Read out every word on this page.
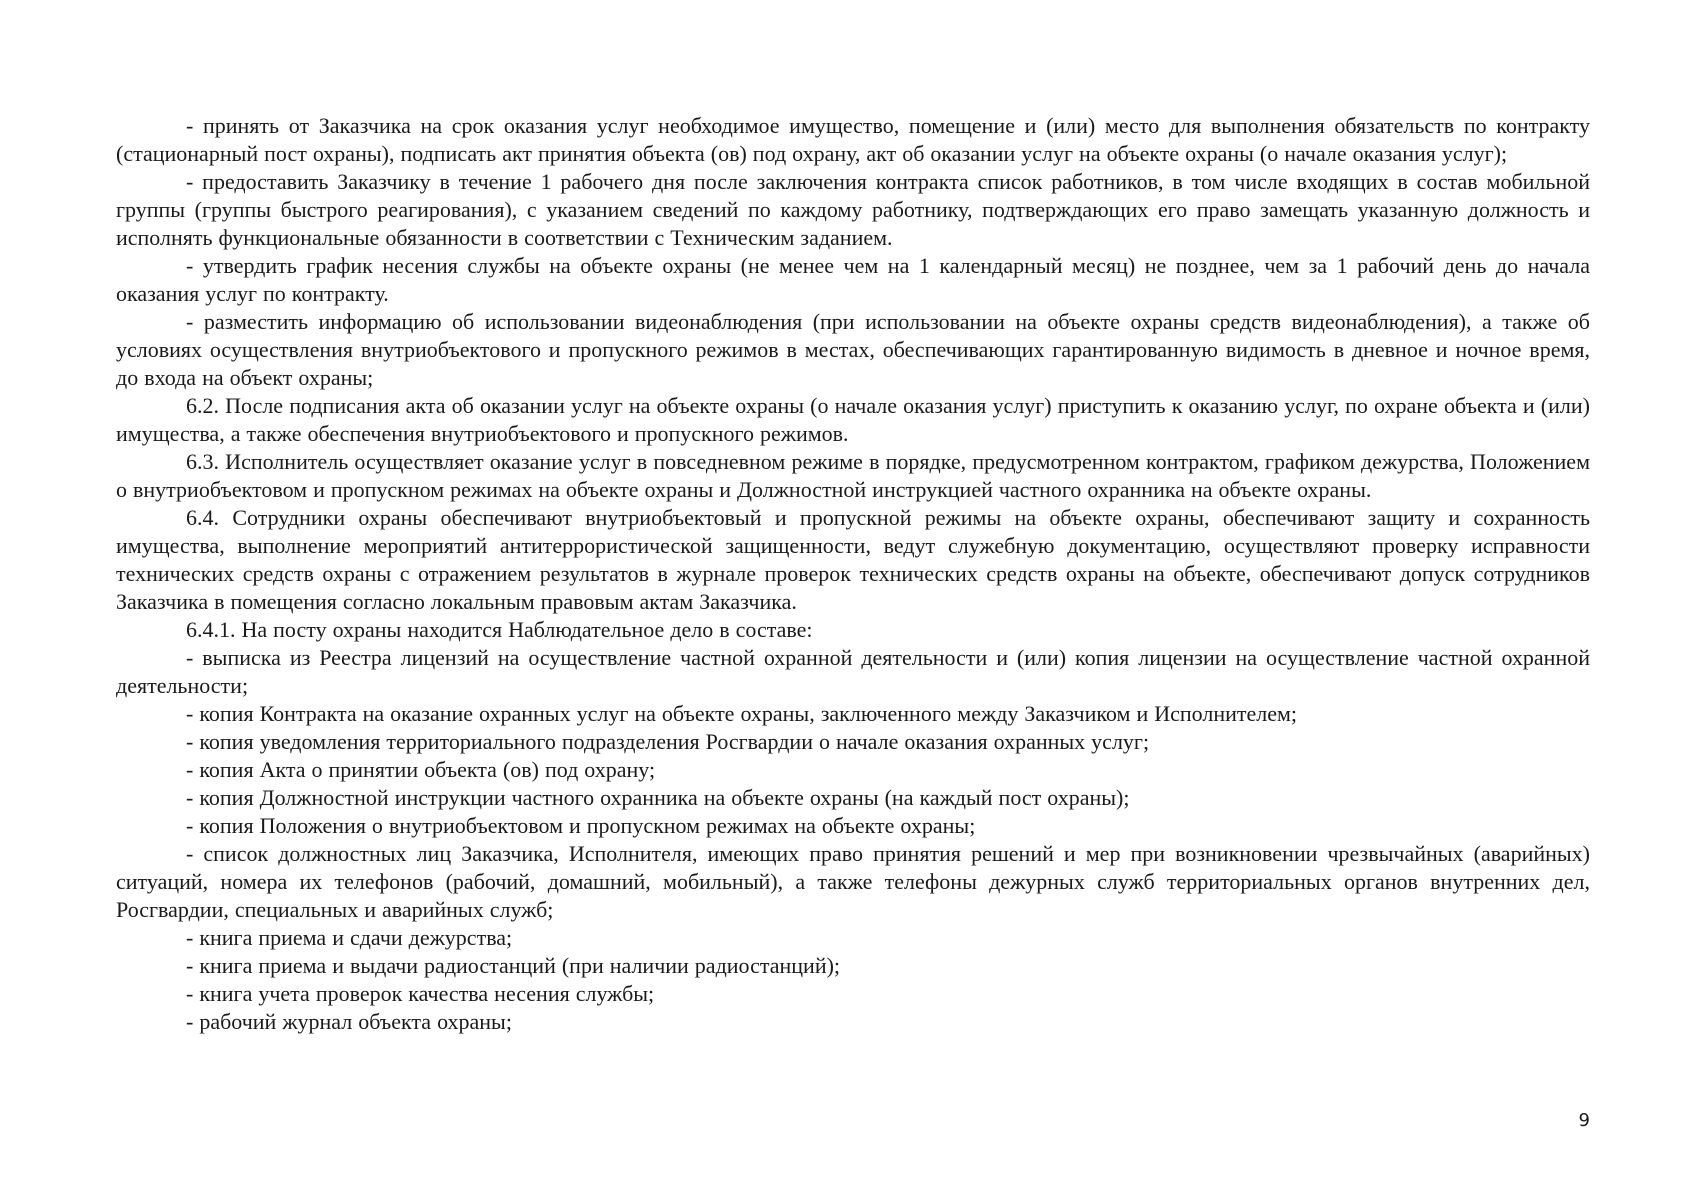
- принять от Заказчика на срок оказания услуг необходимое имущество, помещение и (или) место для выполнения обязательств по контракту (стационарный пост охраны), подписать акт принятия объекта (ов) под охрану, акт об оказании услуг на объекте охраны (о начале оказания услуг);

- предоставить Заказчику в течение 1 рабочего дня после заключения контракта список работников, в том числе входящих в состав мобильной группы (группы быстрого реагирования), с указанием сведений по каждому работнику, подтверждающих его право замещать указанную должность и исполнять функциональные обязанности в соответствии с Техническим заданием.

- утвердить график несения службы на объекте охраны (не менее чем на 1 календарный месяц) не позднее, чем за 1 рабочий день до начала оказания услуг по контракту.

- разместить информацию об использовании видеонаблюдения (при использовании на объекте охраны средств видеонаблюдения), а также об условиях осуществления внутриобъектового и пропускного режимов в местах, обеспечивающих гарантированную видимость в дневное и ночное время, до входа на объект охраны;

6.2. После подписания акта об оказании услуг на объекте охраны (о начале оказания услуг) приступить к оказанию услуг, по охране объекта и (или) имущества, а также обеспечения внутриобъектового и пропускного режимов.

6.3. Исполнитель осуществляет оказание услуг в повседневном режиме в порядке, предусмотренном контрактом, графиком дежурства, Положением о внутриобъектовом и пропускном режимах на объекте охраны и Должностной инструкцией частного охранника на объекте охраны.

6.4. Сотрудники охраны обеспечивают внутриобъектовый и пропускной режимы на объекте охраны, обеспечивают защиту и сохранность имущества, выполнение мероприятий антитеррористической защищенности, ведут служебную документацию, осуществляют проверку исправности технических средств охраны с отражением результатов в журнале проверок технических средств охраны на объекте, обеспечивают допуск сотрудников Заказчика в помещения согласно локальным правовым актам Заказчика.

6.4.1. На посту охраны находится Наблюдательное дело в составе:

- выписка из Реестра лицензий на осуществление частной охранной деятельности и (или) копия лицензии на осуществление частной охранной деятельности;

- копия Контракта на оказание охранных услуг на объекте охраны, заключенного между Заказчиком и Исполнителем;

- копия уведомления территориального подразделения Росгвардии о начале оказания охранных услуг;

- копия Акта о принятии объекта (ов) под охрану;

- копия Должностной инструкции частного охранника на объекте охраны (на каждый пост охраны);

- копия Положения о внутриобъектовом и пропускном режимах на объекте охраны;

- список должностных лиц Заказчика, Исполнителя, имеющих право принятия решений и мер при возникновении чрезвычайных (аварийных) ситуаций, номера их телефонов (рабочий, домашний, мобильный), а также телефоны дежурных служб территориальных органов внутренних дел, Росгвардии, специальных и аварийных служб;

- книга приема и сдачи дежурства;

- книга приема и выдачи радиостанций (при наличии радиостанций);

- книга учета проверок качества несения службы;

- рабочий журнал объекта охраны;

9
